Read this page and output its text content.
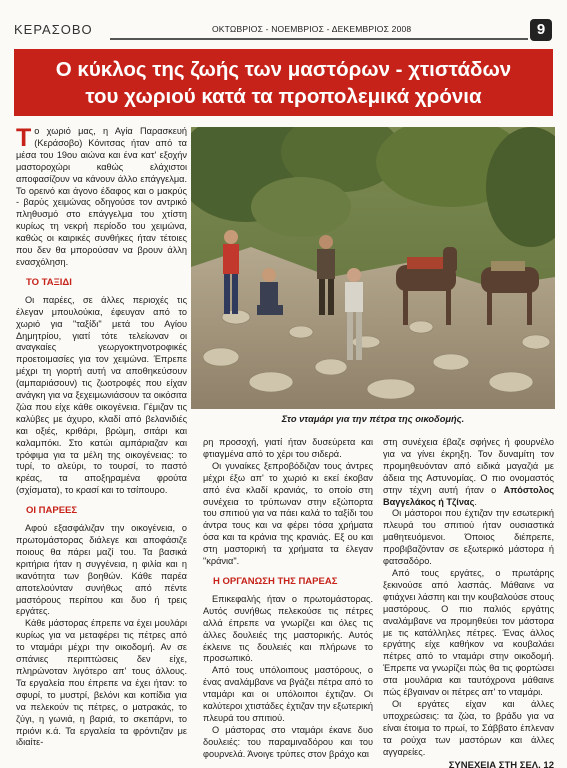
ΚΕΡΑΣΟΒΟ	ΟΚΤΩΒΡΙΟΣ - ΝΟΕΜΒΡΙΟΣ - ΔΕΚΕΜΒΡΙΟΣ 2008	9
Ο κύκλος της ζωής των μαστόρων - χτιστάδων
του χωριού κατά τα προπολεμικά χρόνια

Το χωριό μας, η Αγία Παρασκευή (Κεράσοβο) Κόνιτσας ήταν από τα μέσα του 19ου αιώνα και ένα κατ' εξοχήν μαστοροχώρι καθώς ελάχιστοι αποφασίζουν να κάνουν άλλο επάγγελμα. Το ορεινό και άγονο έδαφος και ο μακρύς - βαρύς χειμώνας οδηγούσε τον αντρικό πληθυσμό στο επάγγελμα του χτίστη κυρίως τη νεκρή περίοδο του χειμώνα, καθώς οι καιρικές συνθήκες ήταν τέτοιες που δεν θα μπορούσαν να βρουν άλλη ενασχόληση.

ΤΟ ΤΑΞΙΔΙ

Οι παρέες, σε άλλες περιοχές τις έλεγαν μπουλούκια, έφευγαν από το χωριό για "ταξίδι" μετά του Αγίου Δημητρίου, γιατί τότε τελείωναν οι αναγκαίες γεωργοκτηνοτροφικές προετοιμασίες για τον χειμώνα. Έπρεπε μέχρι τη γιορτή αυτή να αποθηκεύσουν (αμπαριάσουν) τις ζωοτροφές που είχαν ανάγκη για να ξεχειμωνιάσουν τα οικόσιτα ζώα που είχε κάθε οικογένεια. Γέμιζαν τις καλύβες με άχυρο, κλαδί από βελανιδιές και οξιές, κριθάρι, βρώμη, σιτάρι και καλαμπόκι. Στο κατώι αμπάριαζαν και τρόφιμα για τα μέλη της οικογένειας: το τυρί, το αλεύρι, το τουρσί, το παστό κρέας, τα αποξηραμένα φρούτα (σχίσματα), το κρασί και το τσίπουρο.

ΟΙ ΠΑΡΕΕΣ

Αφού εξασφάλιζαν την οικογένεια, ο πρωτομάστορας διάλεγε και αποφάσιζε ποιους θα πάρει μαζί του. Τα βασικά κριτήρια ήταν η συγγένεια, η φιλία και η ικανότητα των βοηθών. Κάθε παρέα αποτελούνταν συνήθως από πέντε μαστόρους περίπου και δυο ή τρεις εργάτες.

Κάθε μάστορας έπρεπε να έχει μουλάρι κυρίως για να μεταφέρει τις πέτρες από το νταμάρι μέχρι την οικοδομή. Αν σε σπάνιες περιπτώσεις δεν είχε, πληρώνοταν λιγότερο απ' τους άλλους. Τα εργαλεία που έπρεπε να έχει ήταν: το σφυρί, το μυστρί, βελόνι και κοπίδια για να πελεκούν τις πέτρες, ο ματρακάς, το ζύγι, η γωνιά, η βαριά, το σκεπάρνι, το πριόνι κ.ά. Τα εργαλεία τα φρόντιζαν με ιδιαίτε-

Στο νταμάρι για την πέτρα της οικοδομής.

ρη προσοχή, γιατί ήταν δυσεύρετα και φτιαγμένα από το χέρι του σιδερά.

Οι γυναίκες ξεπροβόδιζαν τους άντρες μέχρι έξω απ' το χωριό κι εκεί έκοβαν από ένα κλαδί κρανιάς, το οποίο στη συνέχεια το τρύπωναν στην εξώπορτα του σπιτιού για να πάει καλά το ταξίδι του άντρα τους και να φέρει τόσα χρήματα όσα και τα κράνια της κρανιάς. Εξ ου και στη μαστορική τα χρήματα τα έλεγαν "κράνια".

Η ΟΡΓΑΝΩΣΗ ΤΗΣ ΠΑΡΕΑΣ

Επικεφαλής ήταν ο πρωτομάστορας. Αυτός συνήθως πελεκούσε τις πέτρες αλλά έπρεπε να γνωρίζει και όλες τις άλλες δουλειές της μαστορικής. Αυτός έκλεινε τις δουλειές και πλήρωνε το προσωπικό.

Από τους υπόλοιπους μαστόρους, ο ένας αναλάμβανε να βγάζει πέτρα από το νταμάρι και οι υπόλοιποι έχτιζαν. Οι καλύτεροι χτιστάδες έχτιζαν την εξωτερική πλευρά του σπιτιού.

Ο μάστορας στο νταμάρι έκανε δυο δουλειές: του παραμιναδόρου και του φουρνελά. Άνοιγε τρύπες στον βράχο και

στη συνέχεια έβαζε σφήνες ή φουρνέλο για να γίνει έκρηξη. Τον δυναμίτη τον προμηθευόνταν από ειδικά μαγαζιά με άδεια της Αστυνομίας. Ο πιο ονομαστός στην τέχνη αυτή ήταν ο Απόστολος Βαγγελάκος ή Τζίνας.

Οι μάστοροι που έχτιζαν την εσωτερική πλευρά του σπιτιού ήταν ουσιαστικά μαθητευόμενοι. Όποιος διέπρεπε, προβιβαζόνταν σε εξωτερικό μάστορα ή φατσαδόρο.

Από τους εργάτες, ο πρωτάρης ξεκινούσε από λασπάς. Μάθαινε να φτιάχνει λάσπη και την κουβαλούσε στους μαστόρους. Ο πιο παλιός εργάτης αναλάμβανε να προμηθεύει τον μάστορα με τις κατάλληλες πέτρες. Ένας άλλος εργάτης είχε καθήκον να κουβαλάει πέτρες από το νταμάρι στην οικοδομή. Έπρεπε να γνωρίζει πώς θα τις φορτώσει στα μουλάρια και ταυτόχρονα μάθαινε πώς έβγαιναν οι πέτρες απ' το νταμάρι.

Οι εργάτες είχαν και άλλες υποχρεώσεις: τα ζώα, το βράδυ για να είναι έτοιμα το πρωί, το Σάββατο έπλεναν τα ρούχα των μαστόρων και άλλες αγγαρείες.

ΣΥΝΕΧΕΙΑ ΣΤΗ ΣΕΛ. 12
